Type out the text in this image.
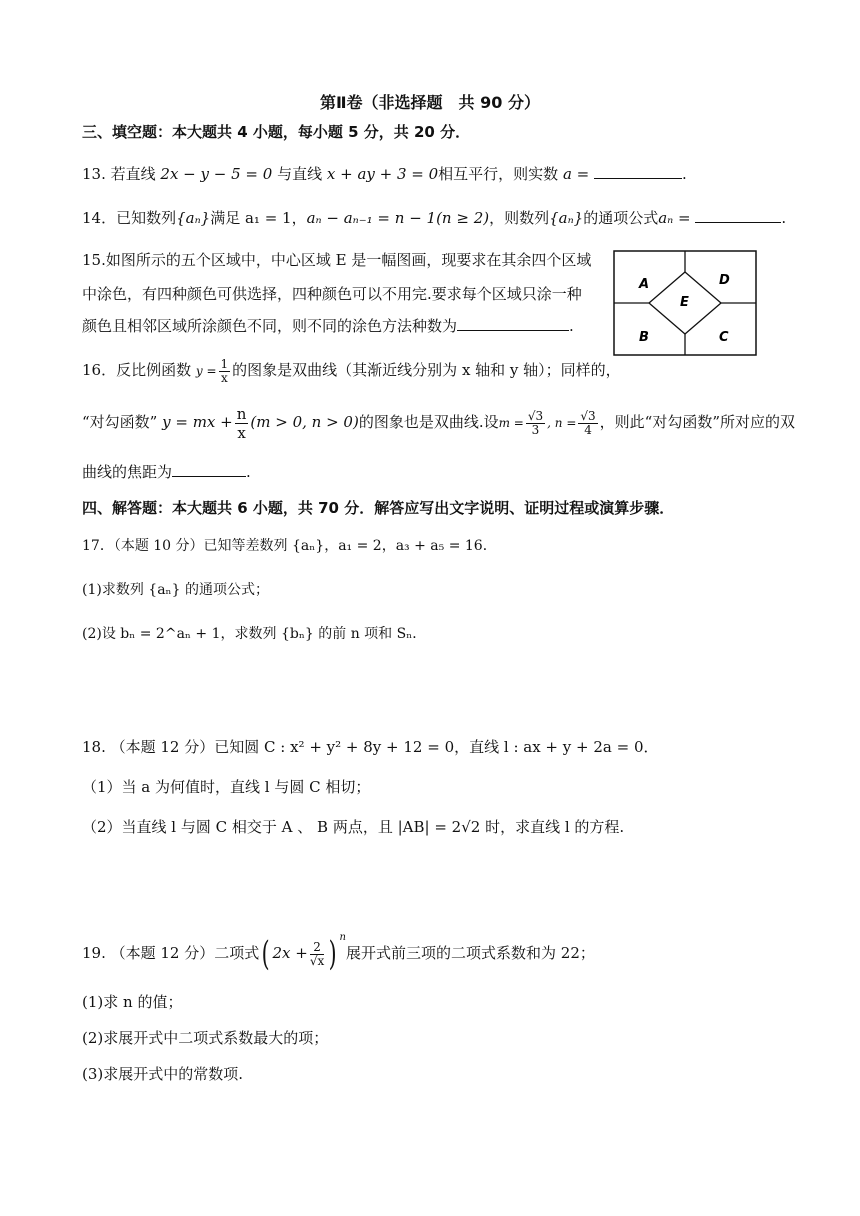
第Ⅱ卷（非选择题　共 90 分）
三、填空题：本大题共 4 小题，每小题 5 分，共 20 分．
13. 若直线 2x − y − 5 = 0 与直线 x + ay + 3 = 0相互平行，则实数 a =	.
14．已知数列{aₙ}满足 a₁ = 1，aₙ − aₙ₋₁ = n − 1(n ≥ 2)，则数列{aₙ}的通项公式aₙ =	.
15.如图所示的五个区域中，中心区域 E 是一幅图画，现要求在其余四个区域
中涂色，有四种颜色可供选择，四种颜色可以不用完.要求每个区域只涂一种
颜色且相邻区域所涂颜色不同，则不同的涂色方法种数为	.
A	D
E
B	C
16．反比例函数 $y = \frac{1}{x}$ 的图象是双曲线（其渐近线分别为 x 轴和 y 轴）；同样的，
“对勾函数” y = mx + $\frac{n}{x} (m > 0$, n > 0)的图象也是双曲线.设$m = \frac{√3}{3}$ , $n = \frac{√3}{4}$ ，则此“对勾函数”所对应的双
曲线的焦距为	.
四、解答题：本大题共 6 小题，共 70 分．解答应写出文字说明、证明过程或演算步骤．
17．（本题 10 分）已知等差数列 {aₙ}，a₁ = 2，a₃ + a₅ = 16．
(1)求数列 {aₙ} 的通项公式；
(2)设 bₙ = 2^aₙ + 1，求数列 {bₙ} 的前 n 项和 Sₙ．
18. （本题 12 分）已知圆 C : x² + y² + 8y + 12 = 0，直线 l : ax + y + 2a = 0．
（1）当 a 为何值时，直线 l 与圆 C 相切；
（2）当直线 l 与圆 C 相交于 A 、 B 两点，且 |AB| = 2√2 时，求直线 l 的方程.
19. （本题 12 分）二项式( $2x + \frac{2}{√x}$ ) $^n$展开式前三项的二项式系数和为 22；
(1)求 n 的值；
(2)求展开式中二项式系数最大的项；
(3)求展开式中的常数项.
